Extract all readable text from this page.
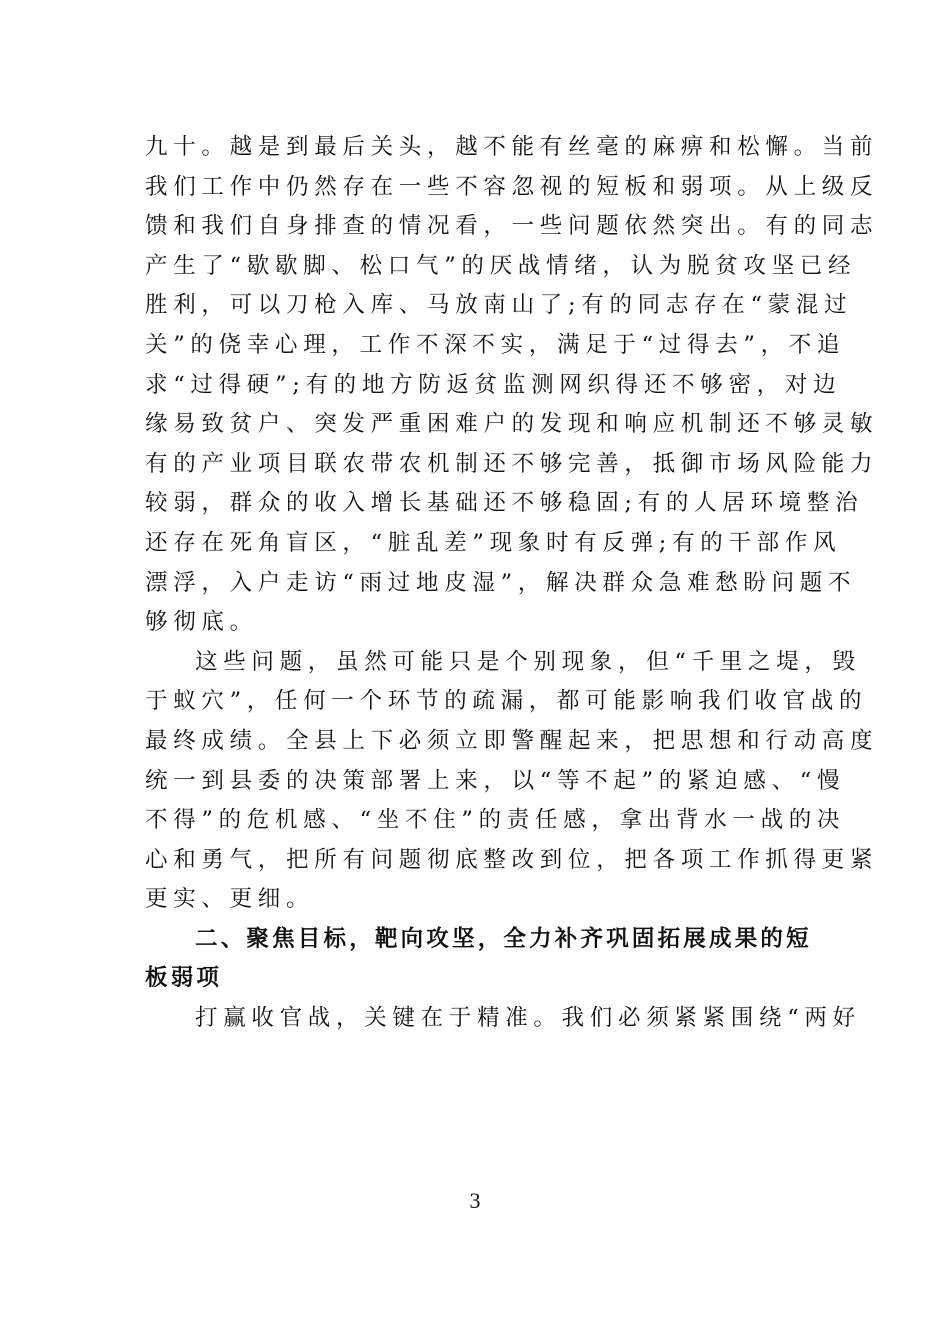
九十。越是到最后关头，越不能有丝毫的麻痹和松懈。当前
我们工作中仍然存在一些不容忽视的短板和弱项。从上级反
馈和我们自身排查的情况看，一些问题依然突出。有的同志
产生了“歇歇脚、松口气”的厌战情绪，认为脱贫攻坚已经
胜利，可以刀枪入库、马放南山了;有的同志存在“蒙混过
关”的侥幸心理，工作不深不实，满足于“过得去”，不追
求“过得硬”;有的地方防返贫监测网织得还不够密，对边
缘易致贫户、突发严重困难户的发现和响应机制还不够灵敏
有的产业项目联农带农机制还不够完善，抵御市场风险能力
较弱，群众的收入增长基础还不够稳固;有的人居环境整治
还存在死角盲区，“脏乱差”现象时有反弹;有的干部作风
漂浮，入户走访“雨过地皮湿”，解决群众急难愁盼问题不
够彻底。
这些问题，虽然可能只是个别现象，但“千里之堤，毁
于蚁穴”，任何一个环节的疏漏，都可能影响我们收官战的
最终成绩。全县上下必须立即警醒起来，把思想和行动高度
统一到县委的决策部署上来，以“等不起”的紧迫感、“慢
不得”的危机感、“坐不住”的责任感，拿出背水一战的决
心和勇气，把所有问题彻底整改到位，把各项工作抓得更紧
更实、更细。
二、聚焦目标，靶向攻坚，全力补齐巩固拓展成果的短
板弱项
打赢收官战，关键在于精准。我们必须紧紧围绕“两好
3
